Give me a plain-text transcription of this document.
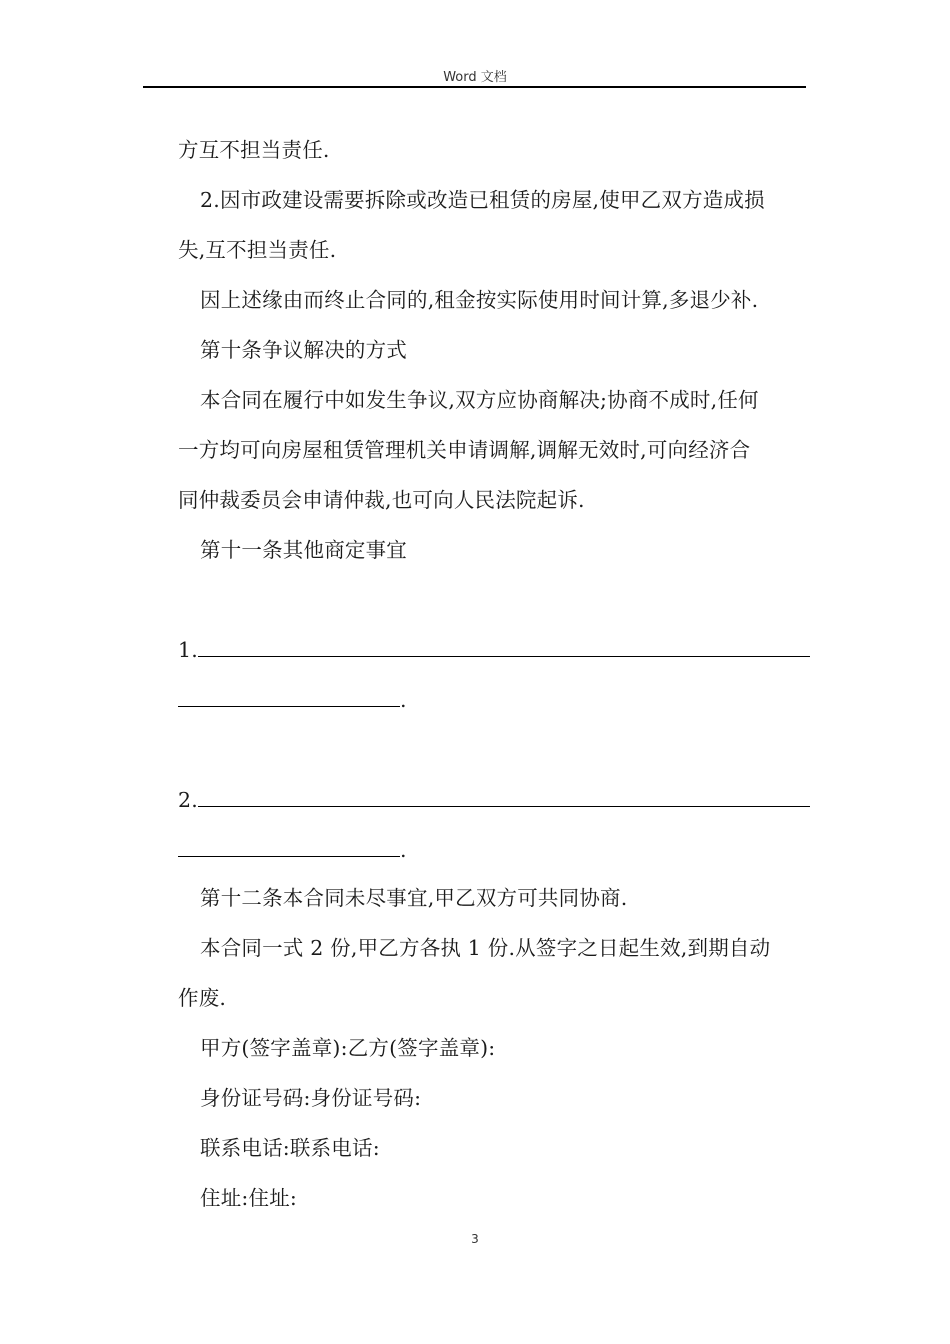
Word 文档
方互不担当责任.
2.因市政建设需要拆除或改造已租赁的房屋,使甲乙双方造成损
失,互不担当责任.
因上述缘由而终止合同的,租金按实际使用时间计算,多退少补.
第十条争议解决的方式
本合同在履行中如发生争议,双方应协商解决;协商不成时,任何
一方均可向房屋租赁管理机关申请调解,调解无效时,可向经济合
同仲裁委员会申请仲裁,也可向人民法院起诉.
第十一条其他商定事宜
1.
.
2.
.
第十二条本合同未尽事宜,甲乙双方可共同协商.
本合同一式 2 份,甲乙方各执 1 份.从签字之日起生效,到期自动
作废.
甲方(签字盖章):乙方(签字盖章):
身份证号码:身份证号码:
联系电话:联系电话:
住址:住址:
3
